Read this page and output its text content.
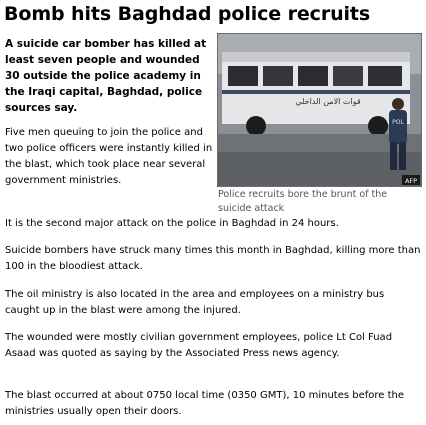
Bomb hits Baghdad police recruits

A suicide car bomber has killed at least seven people and wounded 30 outside the police academy in the Iraqi capital, Baghdad, police sources say.

Five men queuing to join the police and two police officers were instantly killed in the blast, which took place near several government ministries.

قوات الامن الداخلي
POL
AFP

Police recruits bore the brunt of the suicide attack

It is the second major attack on the police in Baghdad in 24 hours.

Suicide bombers have struck many times this month in Baghdad, killing more than 100 in the bloodiest attack.

The oil ministry is also located in the area and employees on a ministry bus caught up in the blast were among the injured.

The wounded were mostly civilian government employees, police Lt Col Fuad Asaad was quoted as saying by the Associated Press news agency.

The blast occurred at about 0750 local time (0350 GMT), 10 minutes before the ministries usually open their doors.
